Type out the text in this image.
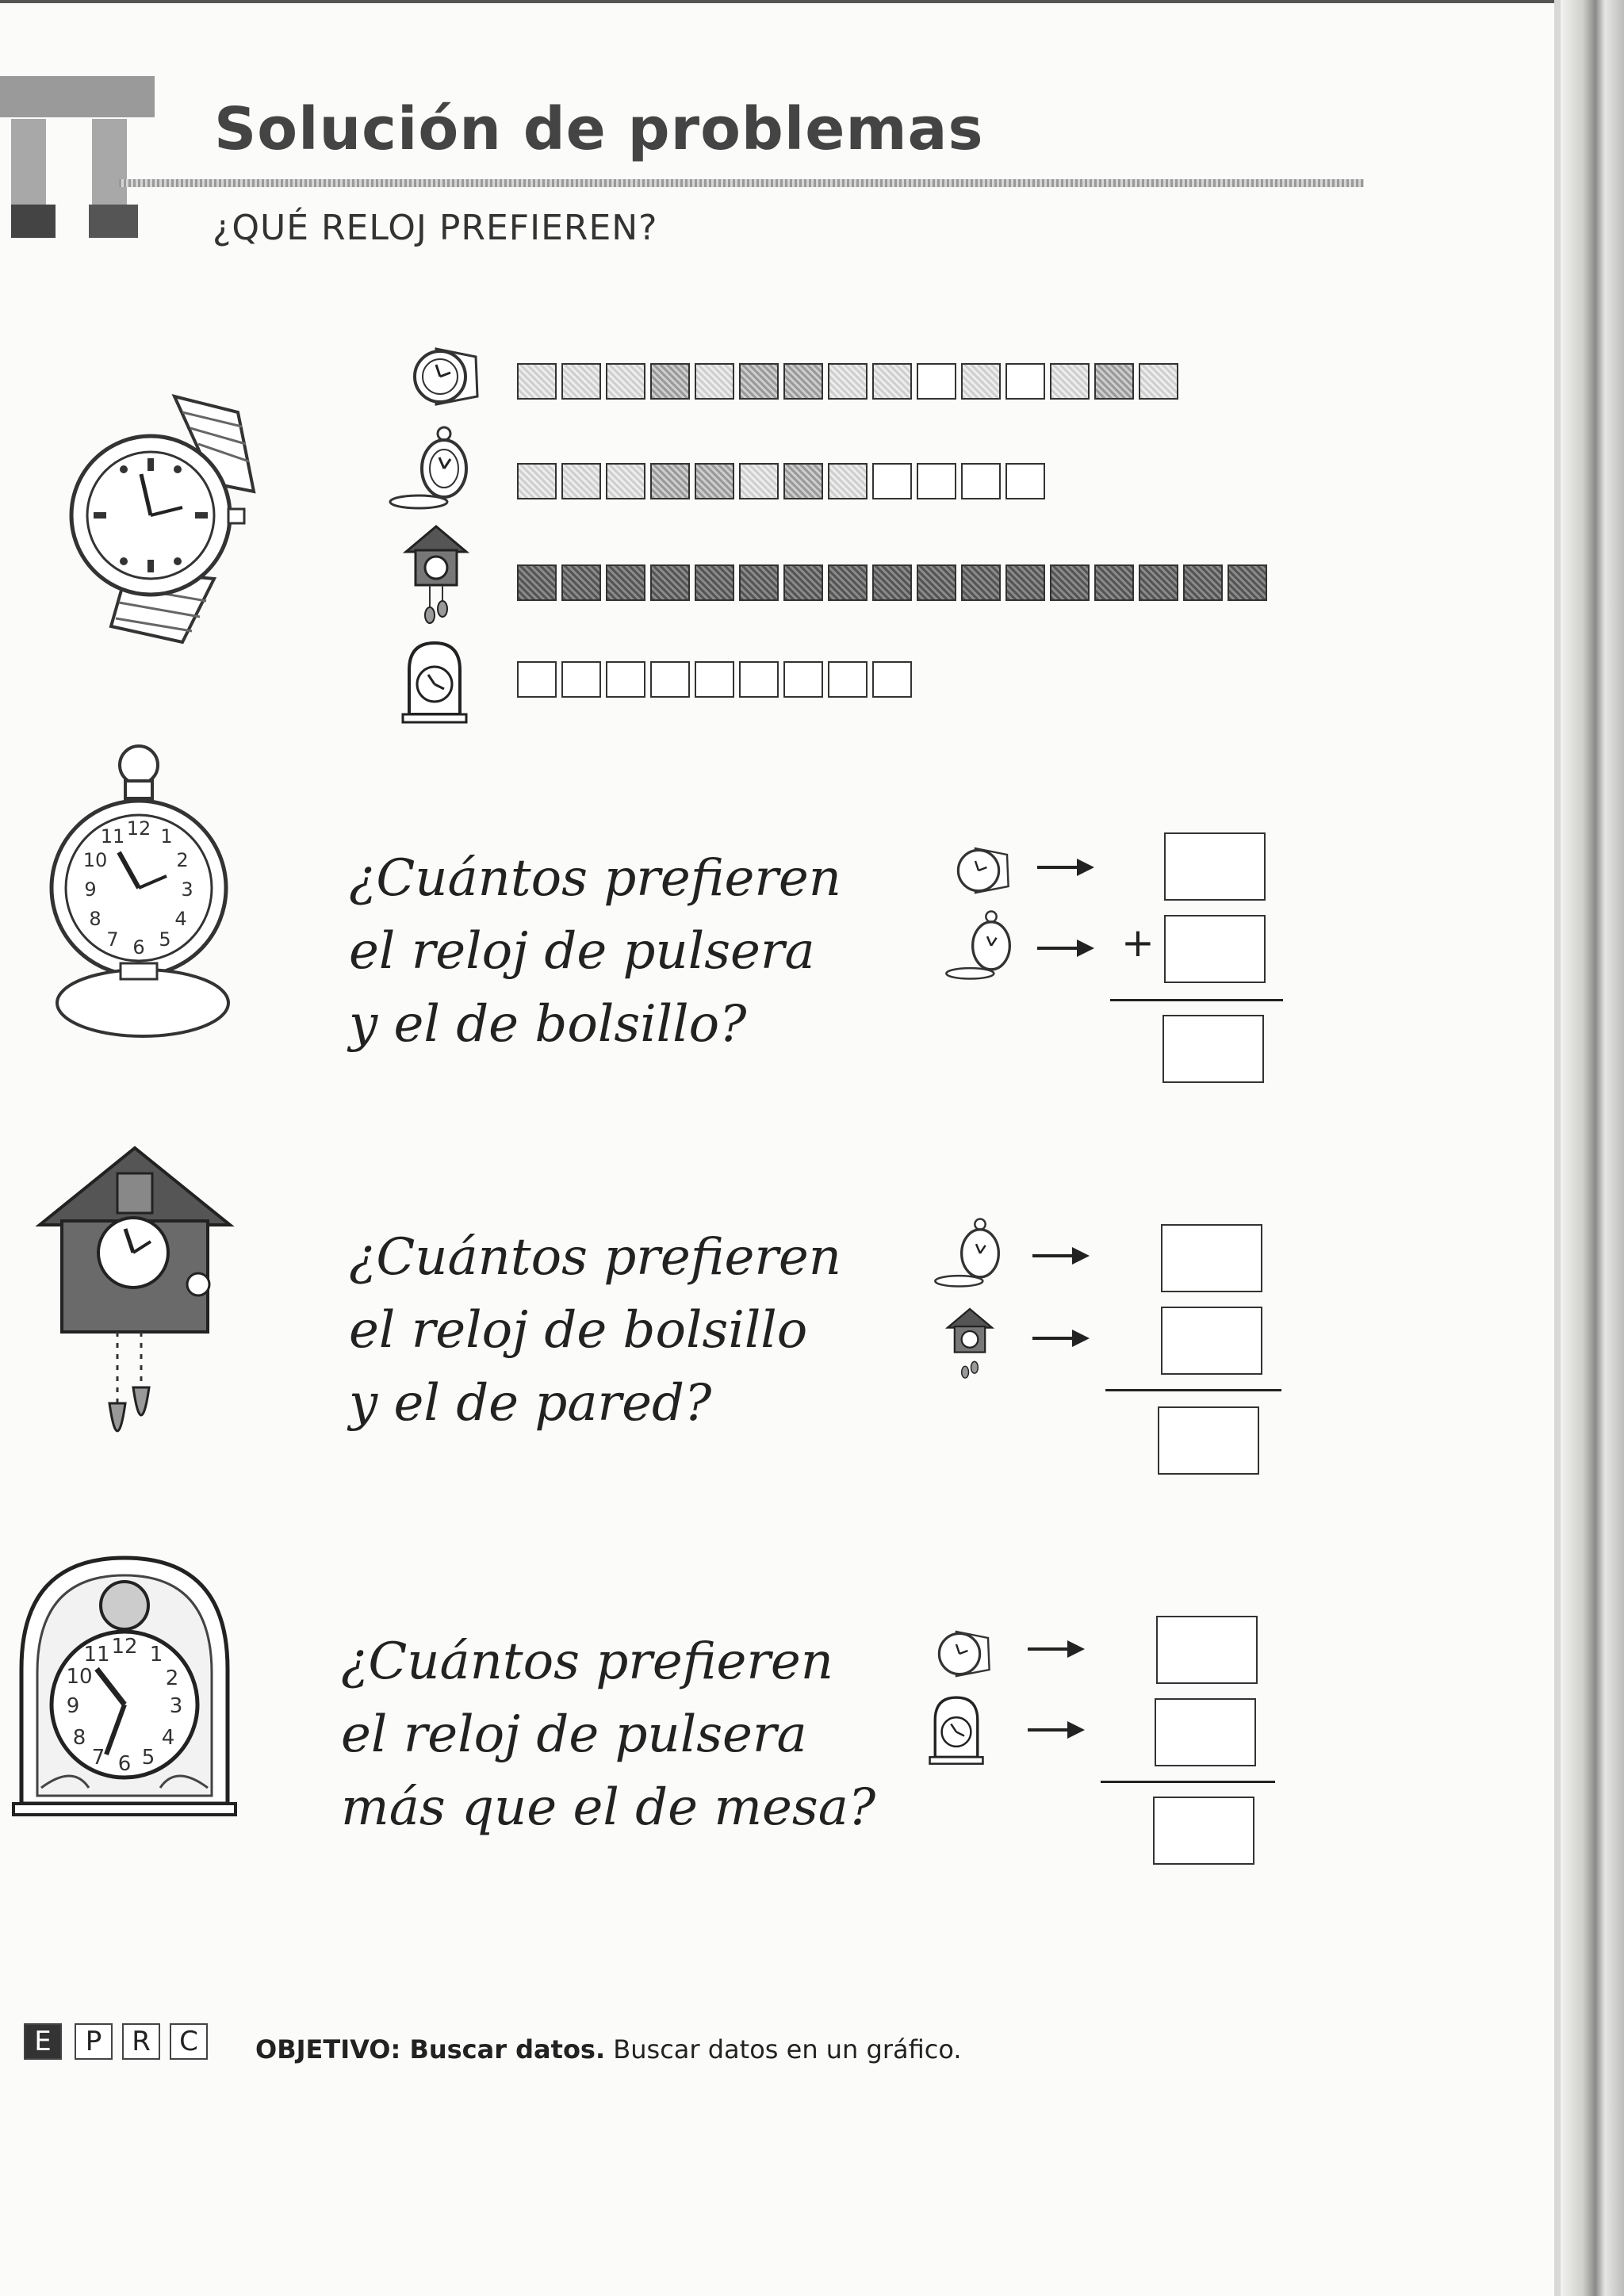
Solución de problemas
¿QUÉ RELOJ PREFIEREN?
12
3
6
9
1
2
4
5
7
8
10
11
12
3
6
9
1
2
4
5
7
8
10
11
¿Cuántos prefieren
el reloj de pulsera
y el de bolsillo?
+
¿Cuántos prefieren
el reloj de bolsillo
y el de pared?
¿Cuántos prefieren
el reloj de pulsera
más que el de mesa?
E	P	R	C	OBJETIVO: Buscar datos. Buscar datos en un gráfico.
